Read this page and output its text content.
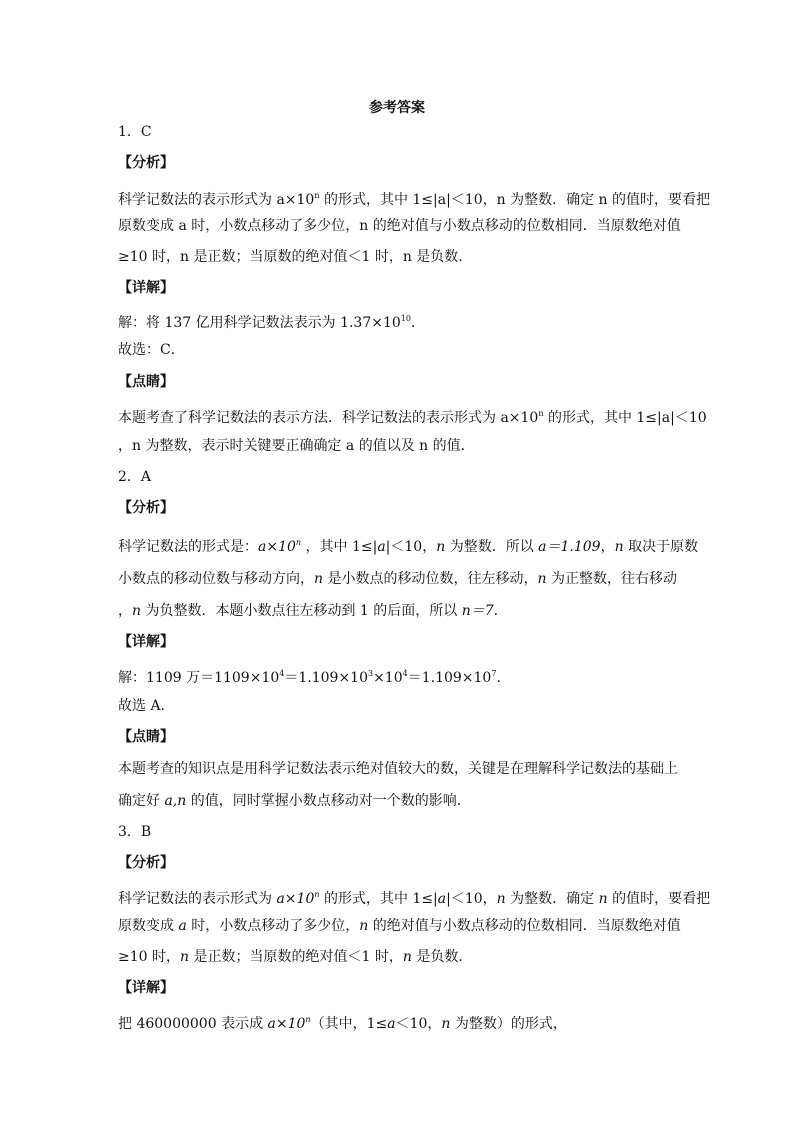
参考答案
1．C
【分析】
科学记数法的表示形式为 $a\times 10^n$ 的形式，其中 1≤|a|＜10，n 为整数．确定 n 的值时，要看把
原数变成 a 时，小数点移动了多少位，n 的绝对值与小数点移动的位数相同．当原数绝对值
≥10 时，n 是正数；当原数的绝对值＜1 时，n 是负数．
【详解】
解：将 137 亿用科学记数法表示为 $1.37\times 10^{10}$．
故选：C．
【点睛】
本题考查了科学记数法的表示方法．科学记数法的表示形式为 $a\times 10^n$ 的形式，其中 1≤|a|＜10
，n 为整数，表示时关键要正确确定 a 的值以及 n 的值．
2．A
【分析】
科学记数法的形式是：$a\times 10^n$ ，其中 1≤|a|＜10，n 为整数．所以 a＝1.109，n 取决于原数
小数点的移动位数与移动方向，n 是小数点的移动位数，往左移动，n 为正整数，往右移动
，n 为负整数．本题小数点往左移动到 1 的后面，所以 n＝7.
【详解】
解：1109 万$=1109\times 10^4=1.109\times 10^3\times 10^4=1.109\times 10^7$.
故选 A．
【点睛】
本题考查的知识点是用科学记数法表示绝对值较大的数，关键是在理解科学记数法的基础上
确定好 a,n 的值，同时掌握小数点移动对一个数的影响．
3．B
【分析】
科学记数法的表示形式为 $a\times 10^n$ 的形式，其中 1≤|a|＜10，n 为整数．确定 n 的值时，要看把
原数变成 a 时，小数点移动了多少位，n 的绝对值与小数点移动的位数相同．当原数绝对值
≥10 时，n 是正数；当原数的绝对值＜1 时，n 是负数．
【详解】
把 460000000 表示成 $a\times 10^n$（其中，1≤a＜10，n 为整数）的形式，
